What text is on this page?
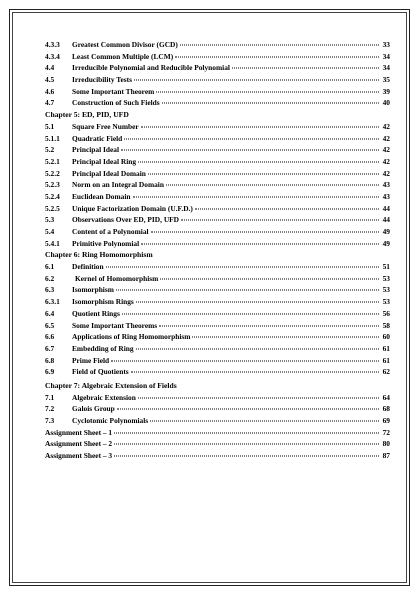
4.3.3	Greatest Common Divisor (GCD)	33
4.3.4	Least Common Multiple (LCM)	34
4.4	Irreducible Polynomial and Reducible Polynomial	34
4.5	Irreducibility Tests	35
4.6	Some Important Theorem	39
4.7	Construction of Such Fields	40
Chapter 5: ED, PID, UFD
5.1	Square Free Number	42
5.1.1	Quadratic Field	42
5.2	Principal Ideal	42
5.2.1	Principal Ideal Ring	42
5.2.2	Principal Ideal Domain	42
5.2.3	Norm on an Integral Domain	43
5.2.4	Euclidean Domain	43
5.2.5	Unique Factorization Domain (U.F.D.)	44
5.3	Observations Over ED, PID, UFD	44
5.4	Content of a Polynomial	49
5.4.1	Primitive Polynomial	49
Chapter 6: Ring Homomorphism
6.1	Definition	51
6.2	Kernel of Homomorphism	53
6.3	Isomorphism	53
6.3.1	Isomorphism Rings	53
6.4	Quotient Rings	56
6.5	Some Important Theorems	58
6.6	Applications of Ring Homomorphism	60
6.7	Embedding of Ring	61
6.8	Prime Field	61
6.9	Field of Quotients	62
Chapter 7: Algebraic Extension of Fields
7.1	Algebraic Extension	64
7.2	Galois Group	68
7.3	Cyclotomic Polynomials	69
Assignment Sheet – 1	72
Assignment Sheet – 2	80
Assignment Sheet – 3	87
